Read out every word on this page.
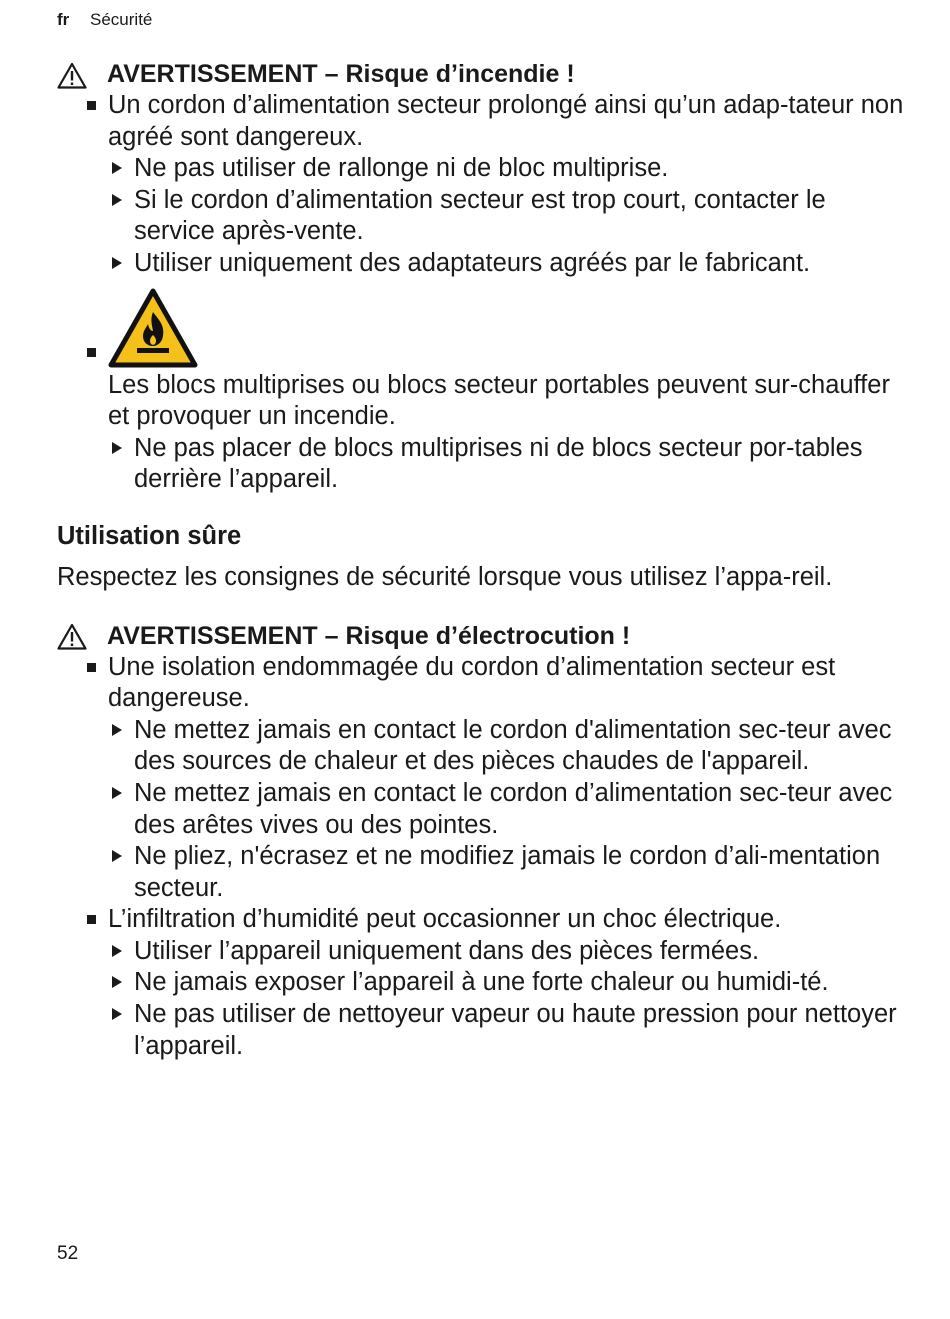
fr Sécurité
AVERTISSEMENT – Risque d’incendie !
Un cordon d’alimentation secteur prolongé ainsi qu’un adap-tateur non agréé sont dangereux.
Ne pas utiliser de rallonge ni de bloc multiprise.
Si le cordon d’alimentation secteur est trop court, contacter le service après-vente.
Utiliser uniquement des adaptateurs agréés par le fabricant.
Les blocs multiprises ou blocs secteur portables peuvent sur-chauffer et provoquer un incendie.
Ne pas placer de blocs multiprises ni de blocs secteur por-tables derrière l’appareil.
Utilisation sûre
Respectez les consignes de sécurité lorsque vous utilisez l’appa-reil.
AVERTISSEMENT – Risque d’électrocution !
Une isolation endommagée du cordon d’alimentation secteur est dangereuse.
Ne mettez jamais en contact le cordon d'alimentation sec-teur avec des sources de chaleur et des pièces chaudes de l'appareil.
Ne mettez jamais en contact le cordon d’alimentation sec-teur avec des arêtes vives ou des pointes.
Ne pliez, n'écrasez et ne modifiez jamais le cordon d’ali-mentation secteur.
L’infiltration d’humidité peut occasionner un choc électrique.
Utiliser l’appareil uniquement dans des pièces fermées.
Ne jamais exposer l’appareil à une forte chaleur ou humidi-té.
Ne pas utiliser de nettoyeur vapeur ou haute pression pour nettoyer l’appareil.
52
